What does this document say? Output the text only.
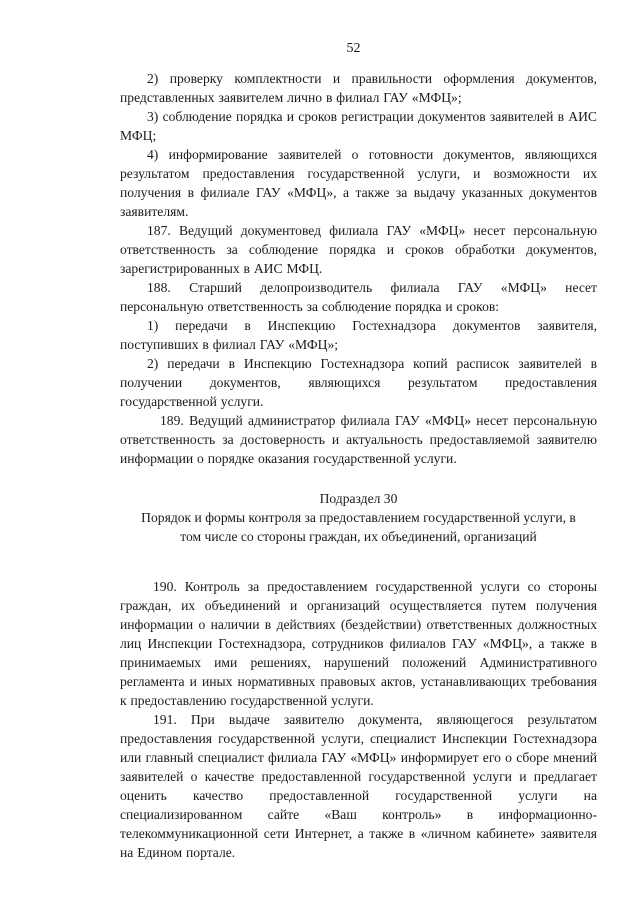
52

2) проверку комплектности и правильности оформления документов, представленных заявителем лично в филиал ГАУ «МФЦ»;

3) соблюдение порядка и сроков регистрации документов заявителей в АИС МФЦ;

4) информирование заявителей о готовности документов, являющихся результатом предоставления государственной услуги, и возможности их получения в филиале ГАУ «МФЦ», а также за выдачу указанных документов заявителям.

187. Ведущий документовед филиала ГАУ «МФЦ» несет персональную ответственность за соблюдение порядка и сроков обработки документов, зарегистрированных в АИС МФЦ.

188. Старший делопроизводитель филиала ГАУ «МФЦ» несет персональную ответственность за соблюдение порядка и сроков:

1) передачи в Инспекцию Гостехнадзора документов заявителя, поступивших в филиал ГАУ «МФЦ»;

2) передачи в Инспекцию Гостехнадзора копий расписок заявителей в получении документов, являющихся результатом предоставления государственной услуги.

189. Ведущий администратор филиала ГАУ «МФЦ» несет персональную ответственность за достоверность и актуальность предоставляемой заявителю информации о порядке оказания государственной услуги.

Подраздел 30

Порядок и формы контроля за предоставлением государственной услуги, в том числе со стороны граждан, их объединений, организаций

190. Контроль за предоставлением государственной услуги со стороны граждан, их объединений и организаций осуществляется путем получения информации о наличии в действиях (бездействии) ответственных должностных лиц Инспекции Гостехнадзора, сотрудников филиалов ГАУ «МФЦ», а также в принимаемых ими решениях, нарушений положений Административного регламента и иных нормативных правовых актов, устанавливающих требования к предоставлению государственной услуги.

191. При выдаче заявителю документа, являющегося результатом предоставления государственной услуги, специалист Инспекции Гостехнадзора или главный специалист филиала ГАУ «МФЦ» информирует его о сборе мнений заявителей о качестве предоставленной государственной услуги и предлагает оценить качество предоставленной государственной услуги на специализированном сайте «Ваш контроль» в информационно-телекоммуникационной сети Интернет, а также в «личном кабинете» заявителя на Едином портале.
